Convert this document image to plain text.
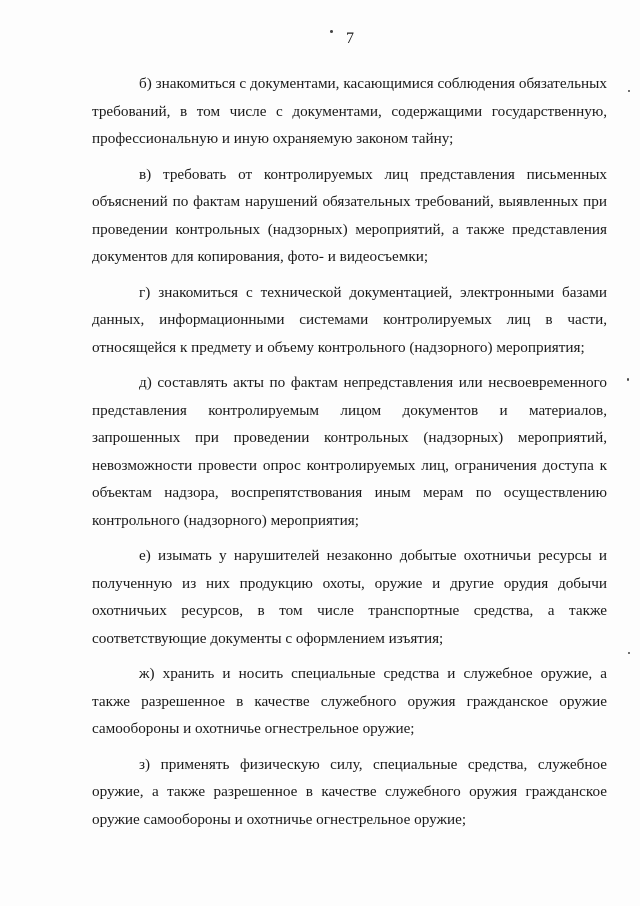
7

б) знакомиться с документами, касающимися соблюдения обязательных требований, в том числе с документами, содержащими государственную, профессиональную и иную охраняемую законом тайну;

в) требовать от контролируемых лиц представления письменных объяснений по фактам нарушений обязательных требований, выявленных при проведении контрольных (надзорных) мероприятий, а также представления документов для копирования, фото- и видеосъемки;

г) знакомиться с технической документацией, электронными базами данных, информационными системами контролируемых лиц в части, относящейся к предмету и объему контрольного (надзорного) мероприятия;

д) составлять акты по фактам непредставления или несвоевременного представления контролируемым лицом документов и материалов, запрошенных при проведении контрольных (надзорных) мероприятий, невозможности провести опрос контролируемых лиц, ограничения доступа к объектам надзора, воспрепятствования иным мерам по осуществлению контрольного (надзорного) мероприятия;

е) изымать у нарушителей незаконно добытые охотничьи ресурсы и полученную из них продукцию охоты, оружие и другие орудия добычи охотничьих ресурсов, в том числе транспортные средства, а также соответствующие документы с оформлением изъятия;

ж) хранить и носить специальные средства и служебное оружие, а также разрешенное в качестве служебного оружия гражданское оружие самообороны и охотничье огнестрельное оружие;

з) применять физическую силу, специальные средства, служебное оружие, а также разрешенное в качестве служебного оружия гражданское оружие самообороны и охотничье огнестрельное оружие;
